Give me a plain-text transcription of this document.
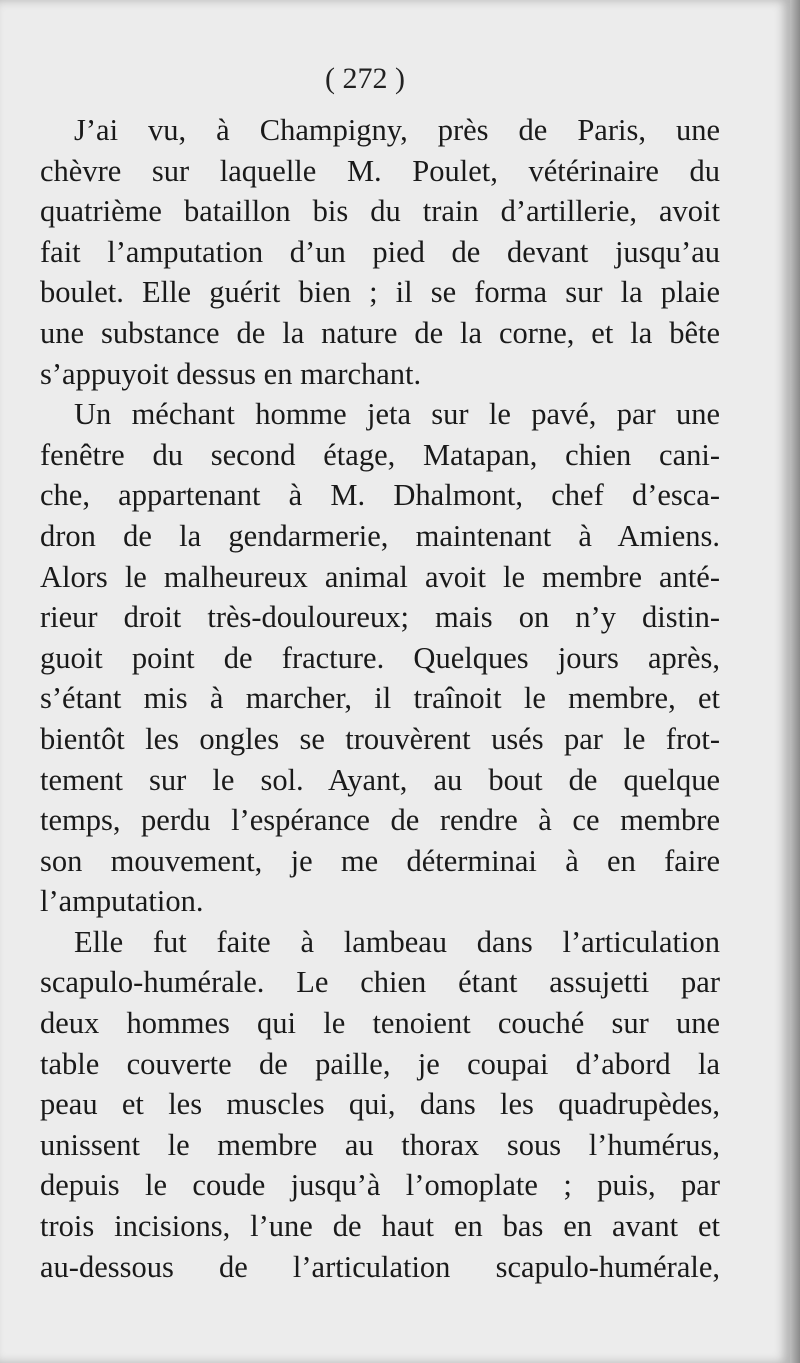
( 272 )
J’ai vu, à Champigny, près de Paris, une
chèvre sur laquelle M. Poulet, vétérinaire du
quatrième bataillon bis du train d’artillerie, avoit
fait l’amputation d’un pied de devant jusqu’au
boulet. Elle guérit bien ; il se forma sur la plaie
une substance de la nature de la corne, et la bête
s’appuyoit dessus en marchant.
Un méchant homme jeta sur le pavé, par une
fenêtre du second étage, Matapan, chien cani-
che, appartenant à M. Dhalmont, chef d’esca-
dron de la gendarmerie, maintenant à Amiens.
Alors le malheureux animal avoit le membre anté-
rieur droit très-douloureux; mais on n’y distin-
guoit point de fracture. Quelques jours après,
s’étant mis à marcher, il traînoit le membre, et
bientôt les ongles se trouvèrent usés par le frot-
tement sur le sol. Ayant, au bout de quelque
temps, perdu l’espérance de rendre à ce membre
son mouvement, je me déterminai à en faire
l’amputation.
Elle fut faite à lambeau dans l’articulation
scapulo-humérale. Le chien étant assujetti par
deux hommes qui le tenoient couché sur une
table couverte de paille, je coupai d’abord la
peau et les muscles qui, dans les quadrupèdes,
unissent le membre au thorax sous l’humérus,
depuis le coude jusqu’à l’omoplate ; puis, par
trois incisions, l’une de haut en bas en avant et
au-dessous de l’articulation scapulo-humérale,
